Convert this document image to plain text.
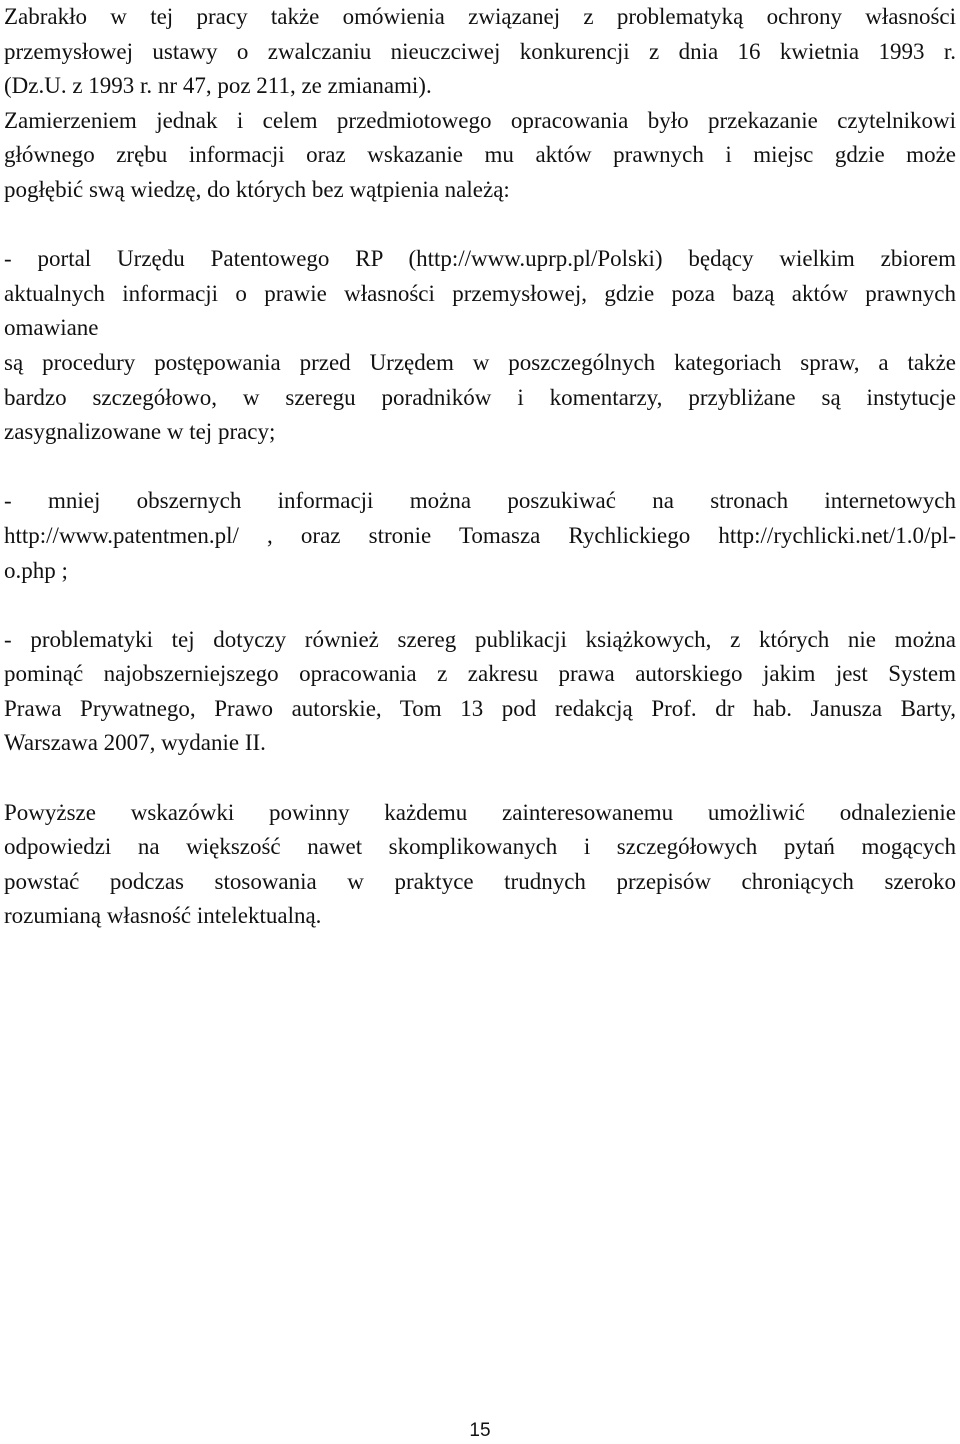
Zabrakło w tej pracy także omówienia związanej z problematyką ochrony własności
przemysłowej ustawy o zwalczaniu nieuczciwej konkurencji z dnia 16 kwietnia 1993 r.
(Dz.U. z 1993 r. nr 47, poz 211, ze zmianami).
Zamierzeniem jednak i celem przedmiotowego opracowania było przekazanie czytelnikowi
głównego zrębu informacji oraz wskazanie mu aktów prawnych i miejsc gdzie może
pogłębić swą wiedzę, do których bez wątpienia należą:
- portal Urzędu Patentowego RP (http://www.uprp.pl/Polski) będący wielkim zbiorem
aktualnych informacji o prawie własności przemysłowej, gdzie poza bazą aktów prawnych
omawiane
są procedury postępowania przed Urzędem w poszczególnych kategoriach spraw, a także
bardzo szczegółowo, w szeregu poradników i komentarzy, przybliżane są instytucje
zasygnalizowane w tej pracy;
- mniej obszernych informacji można poszukiwać na stronach internetowych
http://www.patentmen.pl/ , oraz stronie Tomasza Rychlickiego http://rychlicki.net/1.0/pl-
o.php ;
- problematyki tej dotyczy również szereg publikacji książkowych, z których nie można
pominąć najobszerniejszego opracowania z zakresu prawa autorskiego jakim jest System
Prawa Prywatnego, Prawo autorskie, Tom 13 pod redakcją Prof. dr hab. Janusza Barty,
Warszawa 2007, wydanie II.
Powyższe wskazówki powinny każdemu zainteresowanemu umożliwić odnalezienie
odpowiedzi na większość nawet skomplikowanych i szczegółowych pytań mogących
powstać podczas stosowania w praktyce trudnych przepisów chroniących szeroko
rozumianą własność intelektualną.
15
